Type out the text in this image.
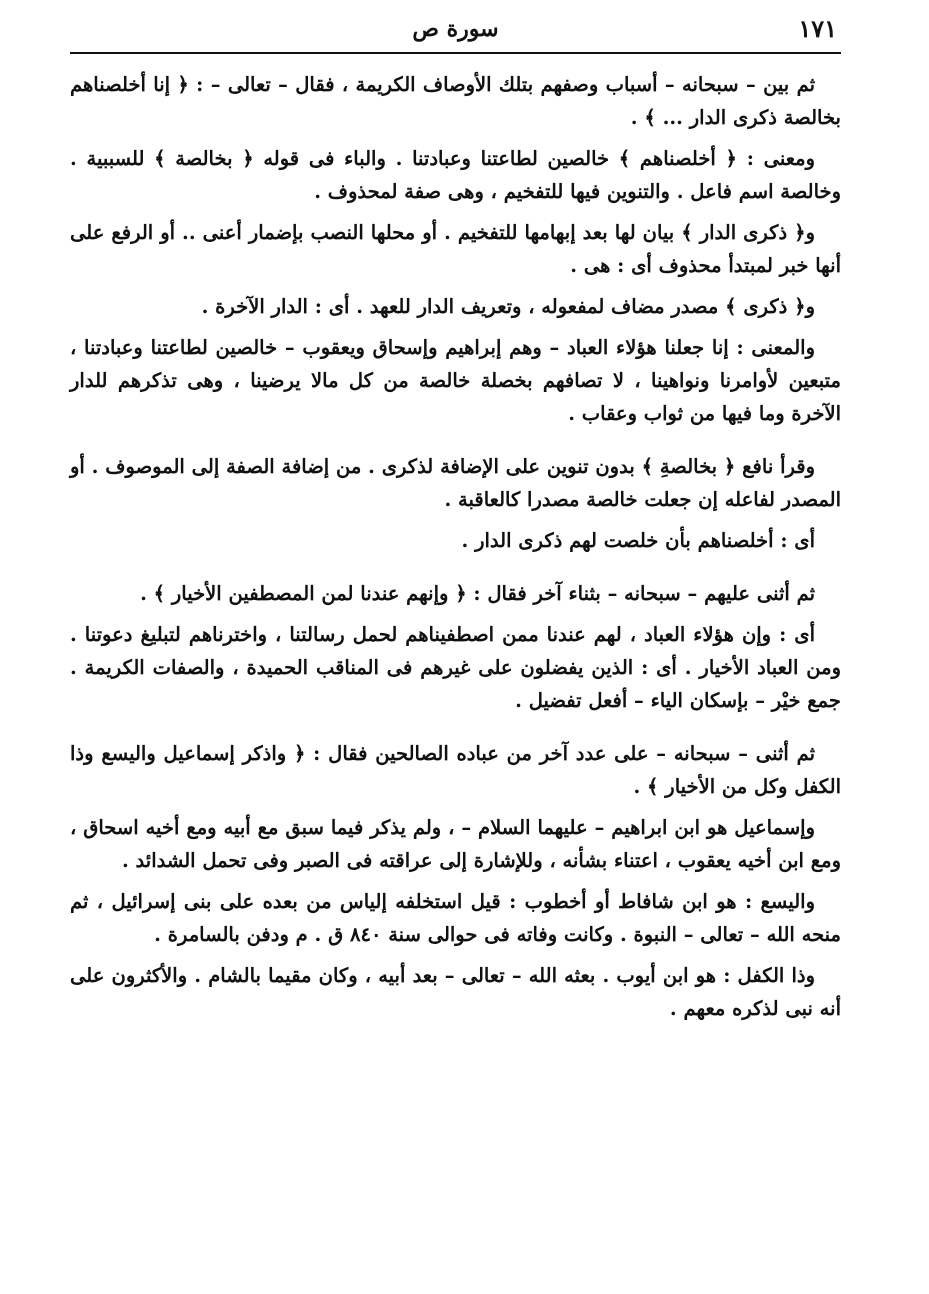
١٧١
سورة ص

ثم بين – سبحانه – أسباب وصفهم بتلك الأوصاف الكريمة ، فقال – تعالى – : ﴿ إنا أخلصناهم بخالصة ذكرى الدار ... ﴾ .

ومعنى : ﴿ أخلصناهم ﴾ خالصين لطاعتنا وعبادتنا . والباء فى قوله ﴿ بخالصة ﴾ للسببية . وخالصة اسم فاعل . والتنوين فيها للتفخيم ، وهى صفة لمحذوف .

و﴿ ذكرى الدار ﴾ بيان لها بعد إبهامها للتفخيم . أو محلها النصب بإضمار أعنى .. أو الرفع على أنها خبر لمبتدأ محذوف أى : هى .

و﴿ ذكرى ﴾ مصدر مضاف لمفعوله ، وتعريف الدار للعهد . أى : الدار الآخرة .

والمعنى : إنا جعلنا هؤلاء العباد – وهم إبراهيم وإسحاق ويعقوب – خالصين لطاعتنا وعبادتنا ، متبعين لأوامرنا ونواهينا ، لا تصافهم بخصلة خالصة من كل مالا يرضينا ، وهى تذكرهم للدار الآخرة وما فيها من ثواب وعقاب .

وقرأ نافع ﴿ بخالصةِ ﴾ بدون تنوين على الإضافة لذكرى . من إضافة الصفة إلى الموصوف . أو المصدر لفاعله إن جعلت خالصة مصدرا كالعاقبة .

أى : أخلصناهم بأن خلصت لهم ذكرى الدار .

ثم أثنى عليهم – سبحانه – بثناء آخر فقال : ﴿ وإنهم عندنا لمن المصطفين الأخيار ﴾ .

أى : وإن هؤلاء العباد ، لهم عندنا ممن اصطفيناهم لحمل رسالتنا ، واخترناهم لتبليغ دعوتنا . ومن العباد الأخيار . أى : الذين يفضلون على غيرهم فى المناقب الحميدة ، والصفات الكريمة . جمع خيْر – بإسكان الياء – أفعل تفضيل .

ثم أثنى – سبحانه – على عدد آخر من عباده الصالحين فقال : ﴿ واذكر إسماعيل واليسع وذا الكفل وكل من الأخيار ﴾ .

وإسماعيل هو ابن ابراهيم – عليهما السلام – ، ولم يذكر فيما سبق مع أبيه ومع أخيه اسحاق ، ومع ابن أخيه يعقوب ، اعتناء بشأنه ، وللإشارة إلى عراقته فى الصبر وفى تحمل الشدائد .

واليسع : هو ابن شافاط أو أخطوب : قيل استخلفه إلياس من بعده على بنى إسرائيل ، ثم منحه الله – تعالى – النبوة . وكانت وفاته فى حوالى سنة ٨٤٠ ق . م ودفن بالسامرة .

وذا الكفل : هو ابن أيوب . بعثه الله – تعالى – بعد أبيه ، وكان مقيما بالشام . والأكثرون على أنه نبى لذكره معهم .
